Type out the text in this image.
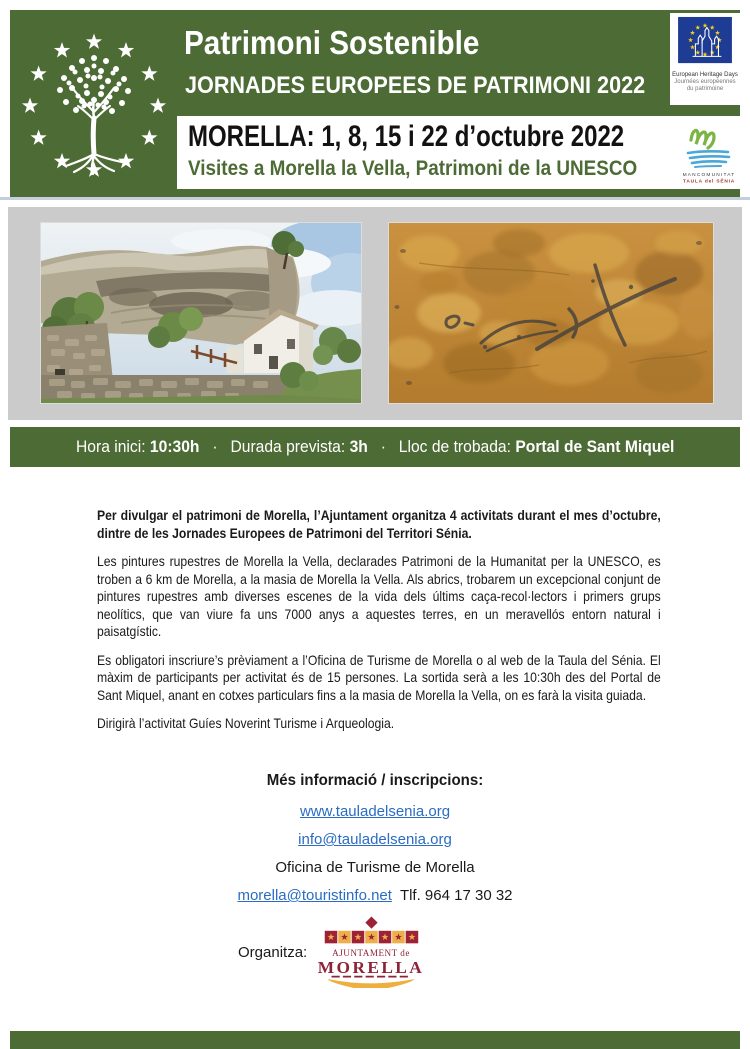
Patrimoni Sostenible
JORNADES EUROPEES DE PATRIMONI 2022	European Heritage Days
Journées européennes
du patrimoine
MORELLA: 1, 8, 15 i 22 d’octubre 2022
Visites a Morella la Vella, Patrimoni de la UNESCO	MANCOMUNITAT
TAULA del SÉNIA
Hora inici: 10:30h · Durada prevista: 3h · Lloc de trobada: Portal de Sant Miquel

Per divulgar el patrimoni de Morella, l’Ajuntament organitza 4 activitats durant el mes d’octubre, dintre de les Jornades Europees de Patrimoni del Territori Sénia.

Les pintures rupestres de Morella la Vella, declarades Patrimoni de la Humanitat per la UNESCO, es troben a 6 km de Morella, a la masia de Morella la Vella. Als abrics, trobarem un excepcional conjunt de pintures rupestres amb diverses escenes de la vida dels últims caça-recol·lectors i primers grups neolítics, que van viure fa uns 7000 anys a aquestes terres, en un meravellós entorn natural i paisatgístic.

Es obligatori inscriure’s prèviament a l’Oficina de Turisme de Morella o al web de la Taula del Sénia. El màxim de participants per activitat és de 15 persones. La sortida serà a les 10:30h des del Portal de Sant Miquel, anant en cotxes particulars fins a la masia de Morella la Vella, on es farà la visita guiada.

Dirigirà l’activitat Guíes Noverint Turisme i Arqueologia.

Més informació / inscripcions:
www.tauladelsenia.org
info@tauladelsenia.org
Oficina de Turisme de Morella
morella@touristinfo.net Tlf. 964 17 30 32
Organitza:	AJUNTAMENT de
MORELLA
